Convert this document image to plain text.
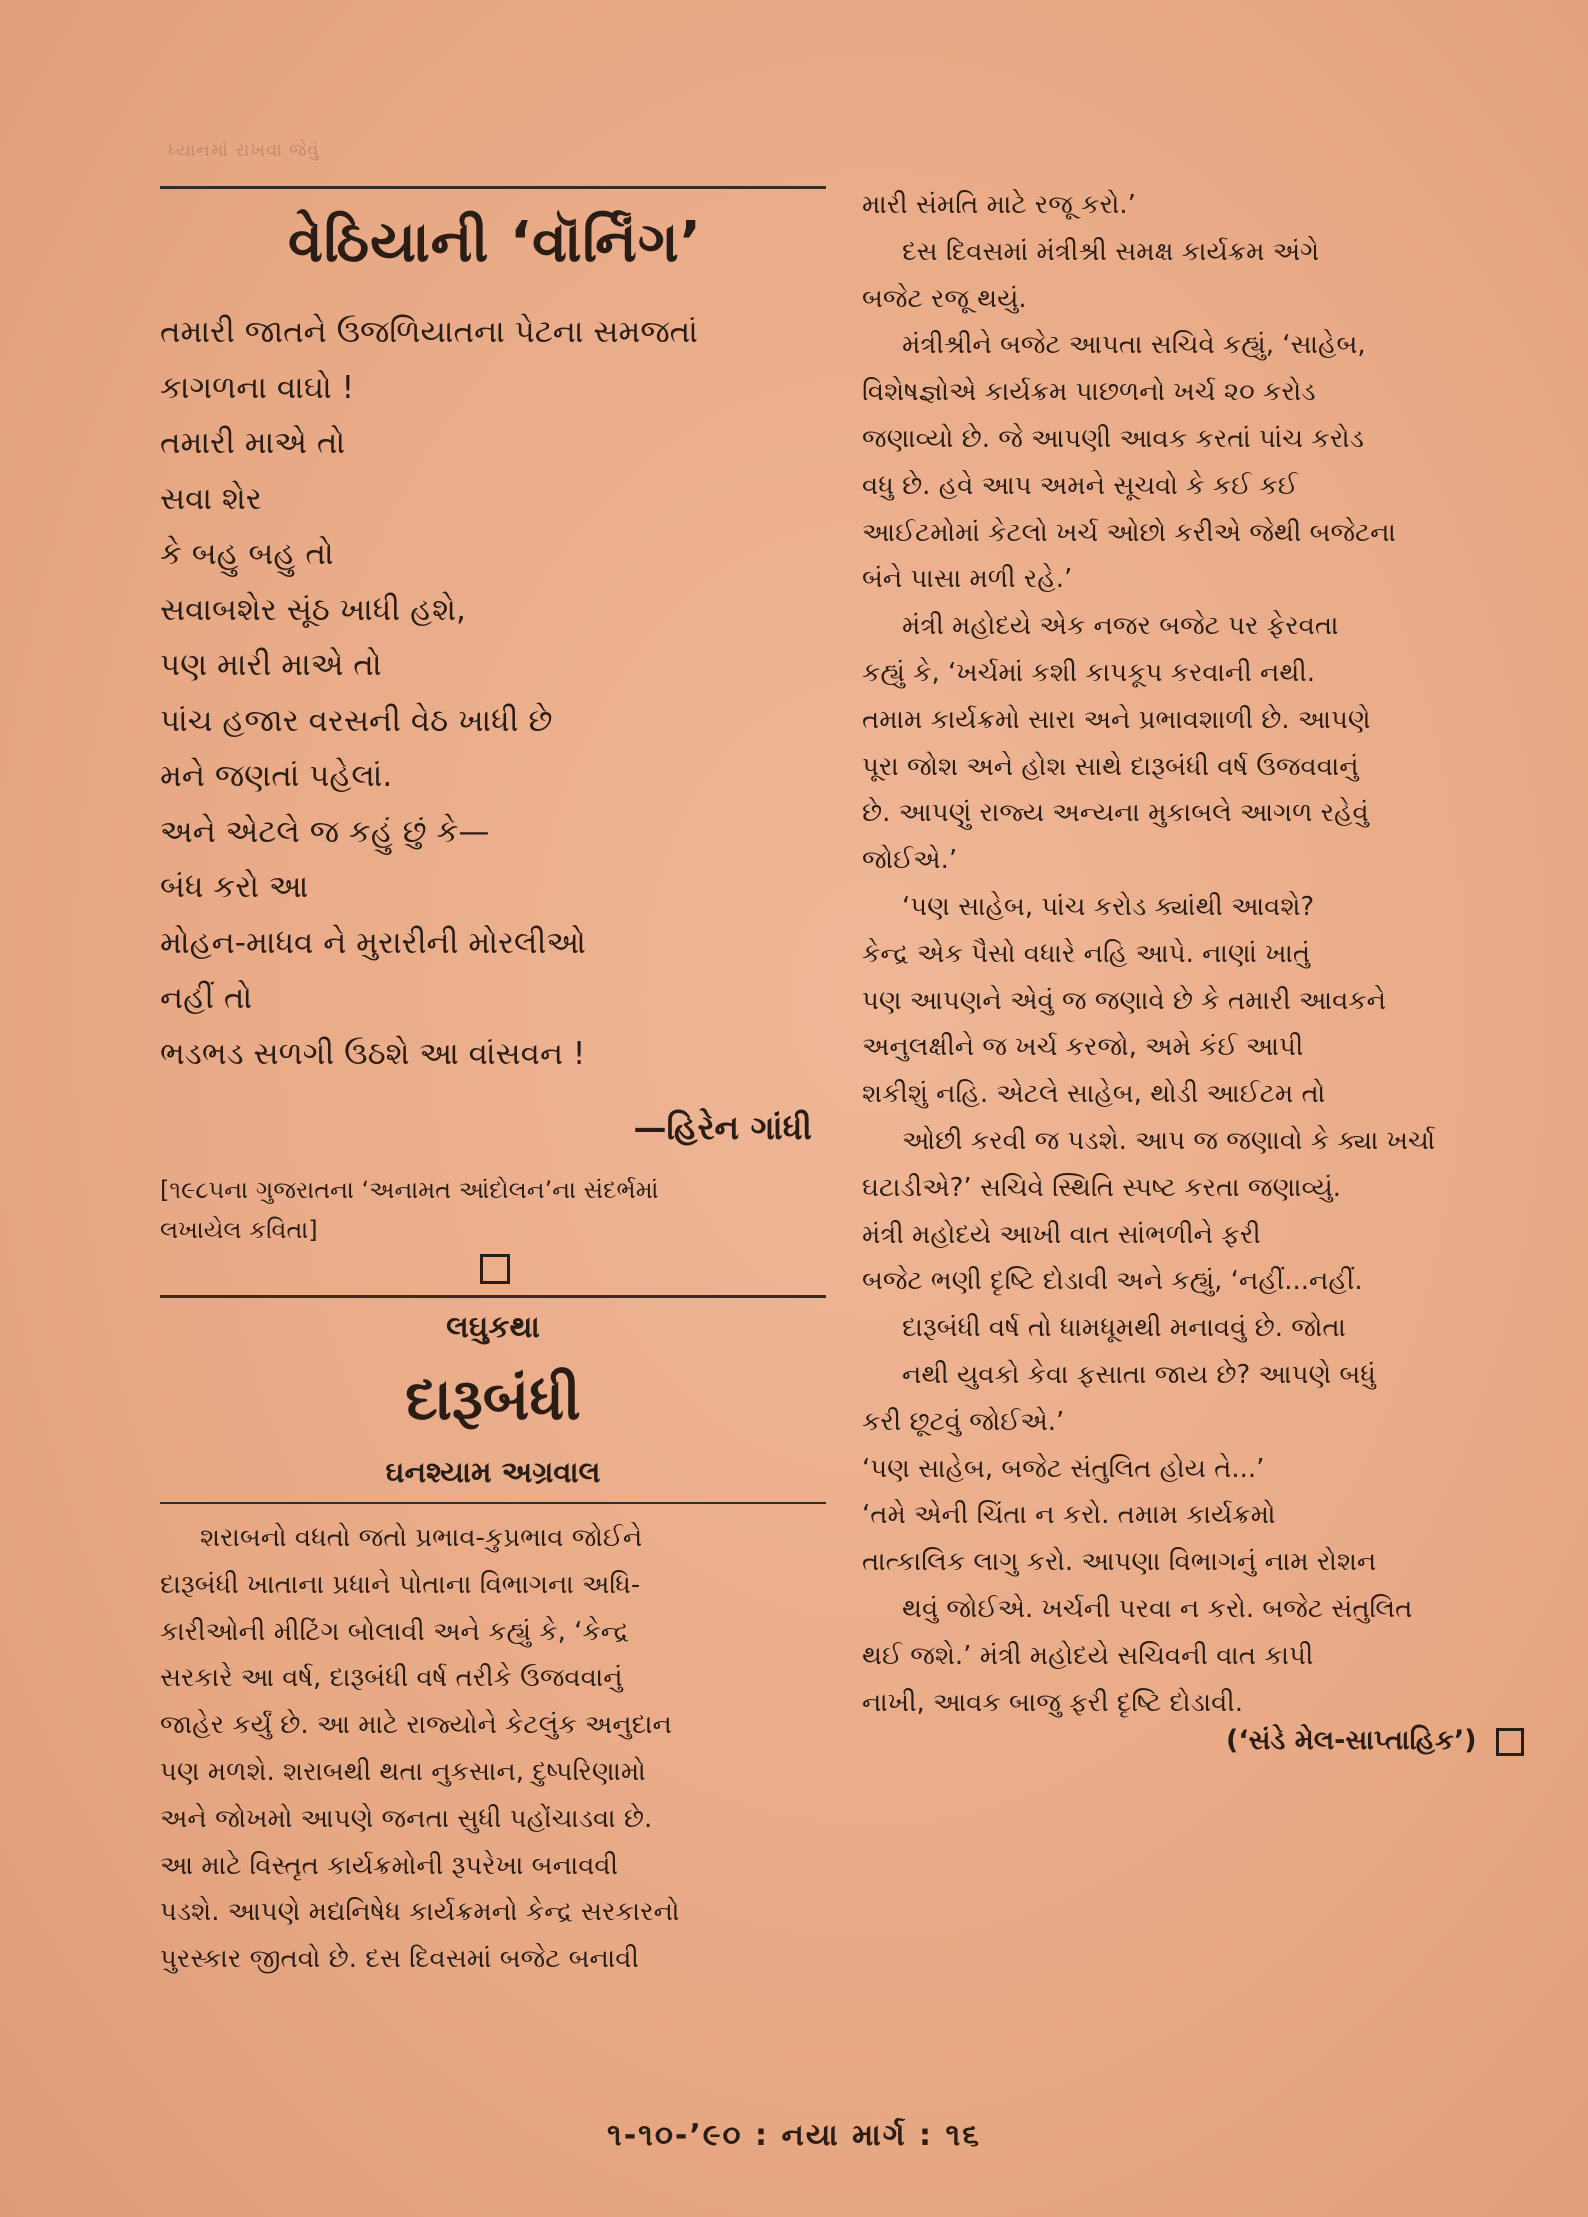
ધ્યાનમાં રાખવા જેવું
વેઠિયાની ‘વૉર્નિંગ’
તમારી જાતને ઉજળિયાતના પેટના સમજતાં
કાગળના વાઘો !
તમારી માએ તો
સવા શેર
કે બહુ બહુ તો
સવાબશેર સૂંઠ ખાધી હશે,
પણ મારી માએ તો
પાંચ હજાર વરસની વેઠ ખાધી છે
મને જણતાં પહેલાં.
અને એટલે જ કહું છું કે—
બંધ કરો આ
મોહન-માધવ ને મુરારીની મોરલીઓ
નહીં તો
ભડભડ સળગી ઉઠશે આ વાંસવન !
—હિરેન ગાંધી
[૧૯૮૫ના ગુજરાતના ‘અનામત આંદોલન’ના સંદર્ભમાં
લખાયેલ કવિતા]
લઘુકથા
દારૂબંધી
ઘનશ્યામ અગ્રવાલ
શરાબનો વધતો જતો પ્રભાવ-કુપ્રભાવ જોઈને
દારૂબંધી ખાતાના પ્રધાને પોતાના વિભાગના અધિ-
કારીઓની મીટિંગ બોલાવી અને કહ્યું કે, ‘કેન્દ્ર
સરકારે આ વર્ષ, દારૂબંધી વર્ષ તરીકે ઉજવવાનું
જાહેર કર્યું છે. આ માટે રાજ્યોને કેટલુંક અનુદાન
પણ મળશે. શરાબથી થતા નુકસાન, દુષ્પરિણામો
અને જોખમો આપણે જનતા સુધી પહોંચાડવા છે.
આ માટે વિસ્તૃત કાર્યક્રમોની રૂપરેખા બનાવવી
પડશે. આપણે મદ્યનિષેધ કાર્યક્રમનો કેન્દ્ર સરકારનો
પુરસ્કાર જીતવો છે. દસ દિવસમાં બજેટ બનાવી
મારી સંમતિ માટે રજૂ કરો.’
દસ દિવસમાં મંત્રીશ્રી સમક્ષ કાર્યક્રમ અંગે
બજેટ રજૂ થયું.
મંત્રીશ્રીને બજેટ આપતા સચિવે કહ્યું, ‘સાહેબ,
વિશેષજ્ઞોએ કાર્યક્રમ પાછળનો ખર્ચ ૨૦ કરોડ
જણાવ્યો છે. જે આપણી આવક કરતાં પાંચ કરોડ
વધુ છે. હવે આપ અમને સૂચવો કે કઈ કઈ
આઈટમોમાં કેટલો ખર્ચ ઓછો કરીએ જેથી બજેટના
બંને પાસા મળી રહે.’
મંત્રી મહોદયે એક નજર બજેટ પર ફેરવતા
કહ્યું કે, ‘ખર્ચમાં કશી કાપકૂપ કરવાની નથી.
તમામ કાર્યક્રમો સારા અને પ્રભાવશાળી છે. આપણે
પૂરા જોશ અને હોશ સાથે દારૂબંધી વર્ષ ઉજવવાનું
છે. આપણું રાજ્ય અન્યના મુકાબલે આગળ રહેવું
જોઈએ.’
‘પણ સાહેબ, પાંચ કરોડ ક્યાંથી આવશે?
કેન્દ્ર એક પૈસો વધારે નહિ આપે. નાણાં ખાતું
પણ આપણને એવું જ જણાવે છે કે તમારી આવકને
અનુલક્ષીને જ ખર્ચ કરજો, અમે કંઈ આપી
શકીશું નહિ. એટલે સાહેબ, થોડી આઈટમ તો
ઓછી કરવી જ પડશે. આપ જ જણાવો કે ક્યા ખર્ચા
ઘટાડીએ?’ સચિવે સ્થિતિ સ્પષ્ટ કરતા જણાવ્યું.
મંત્રી મહોદયે આખી વાત સાંભળીને ફરી
બજેટ ભણી દૃષ્ટિ દોડાવી અને કહ્યું, ‘નહીં...નહીં.
દારૂબંધી વર્ષ તો ધામધૂમથી મનાવવું છે. જોતા
નથી યુવકો કેવા ફસાતા જાય છે? આપણે બધું
કરી છૂટવું જોઈએ.’
‘પણ સાહેબ, બજેટ સંતુલિત હોય તે...’
‘તમે એની ચિંતા ન કરો. તમામ કાર્યક્રમો
તાત્કાલિક લાગુ કરો. આપણા વિભાગનું નામ રોશન
થવું જોઈએ. ખર્ચની પરવા ન કરો. બજેટ સંતુલિત
થઈ જશે.’ મંત્રી મહોદયે સચિવની વાત કાપી
નાખી, આવક બાજુ ફરી દૃષ્ટિ દોડાવી.
(‘સંડે મેલ-સાપ્તાહિક’)
૧-૧૦-’૯૦ : નયા માર્ગ : ૧૬
